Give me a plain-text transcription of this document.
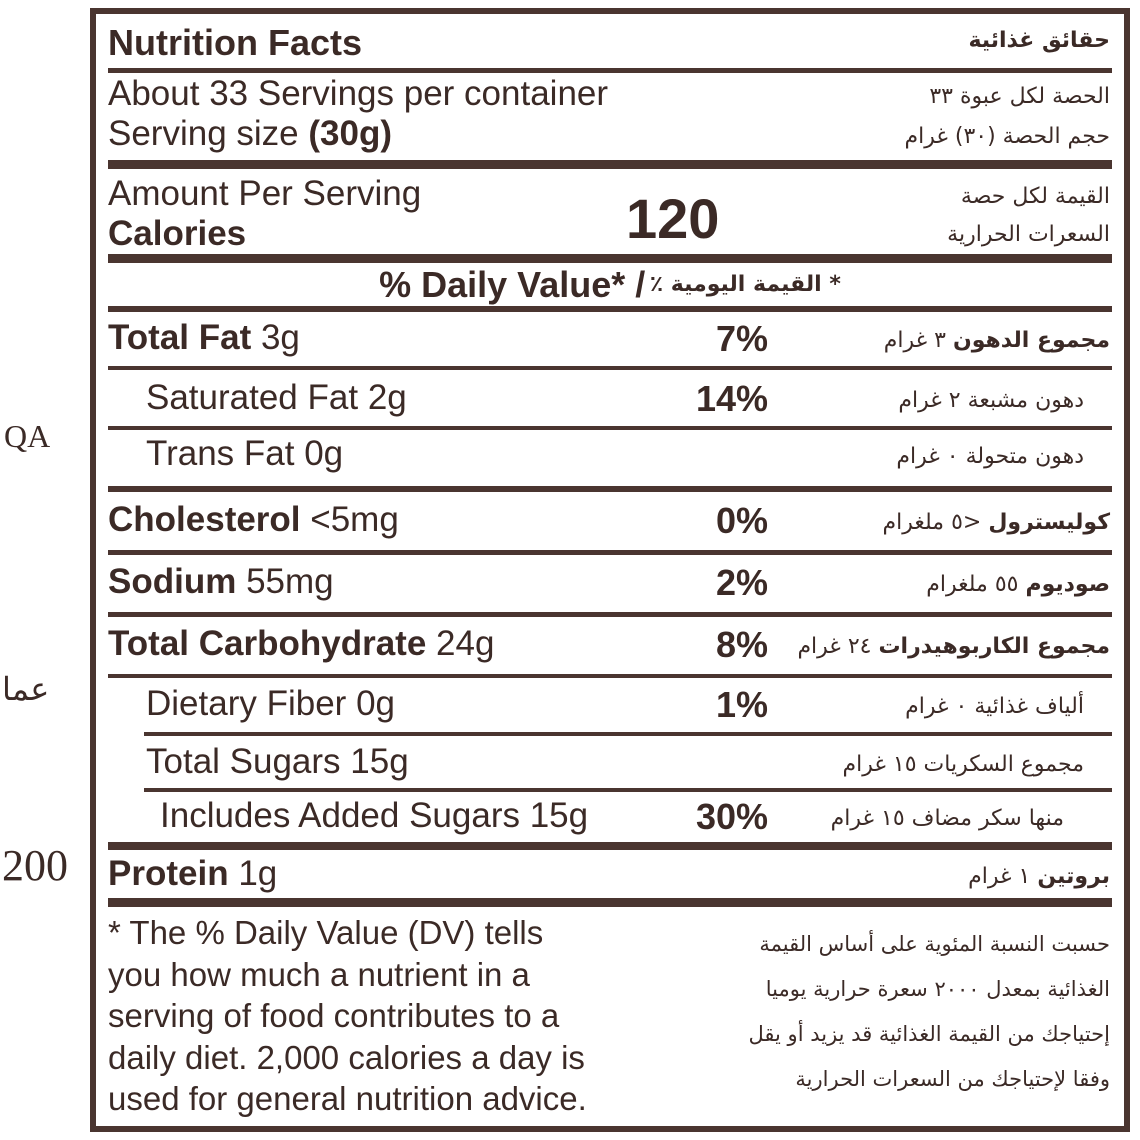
QA
عما
200
Nutrition Facts	حقائق غذائية
About 33 Servings per container
Serving size (30g)
الحصة لكل عبوة ٣٣
حجم الحصة (٣٠) غرام
Amount Per Serving
Calories	120	القيمة لكل حصة
السعرات الحرارية
% Daily Value* / * القيمة اليومية ٪
Total Fat 3g	7%	مجموع الدهون ٣ غرام
Saturated Fat 2g	14%	دهون مشبعة ٢ غرام
Trans Fat 0g	دهون متحولة ٠ غرام
Cholesterol <5mg	0%	كوليسترول <٥ ملغرام
Sodium 55mg	2%	صوديوم ٥٥ ملغرام
Total Carbohydrate 24g	8%	مجموع الكاربوهيدرات ٢٤ غرام
Dietary Fiber 0g	1%	ألياف غذائية ٠ غرام
Total Sugars 15g	مجموع السكريات ١٥ غرام
Includes Added Sugars 15g	30%	منها سكر مضاف ١٥ غرام
Protein 1g	بروتين ١ غرام
* The % Daily Value (DV) tells
you how much a nutrient in a
serving of food contributes to a
daily diet. 2,000 calories a day is
used for general nutrition advice.
حسبت النسبة المئوية على أساس القيمة
الغذائية بمعدل ٢٠٠٠ سعرة حرارية يوميا
إحتياجك من القيمة الغذائية قد يزيد أو يقل
وفقا لإحتياجك من السعرات الحرارية
